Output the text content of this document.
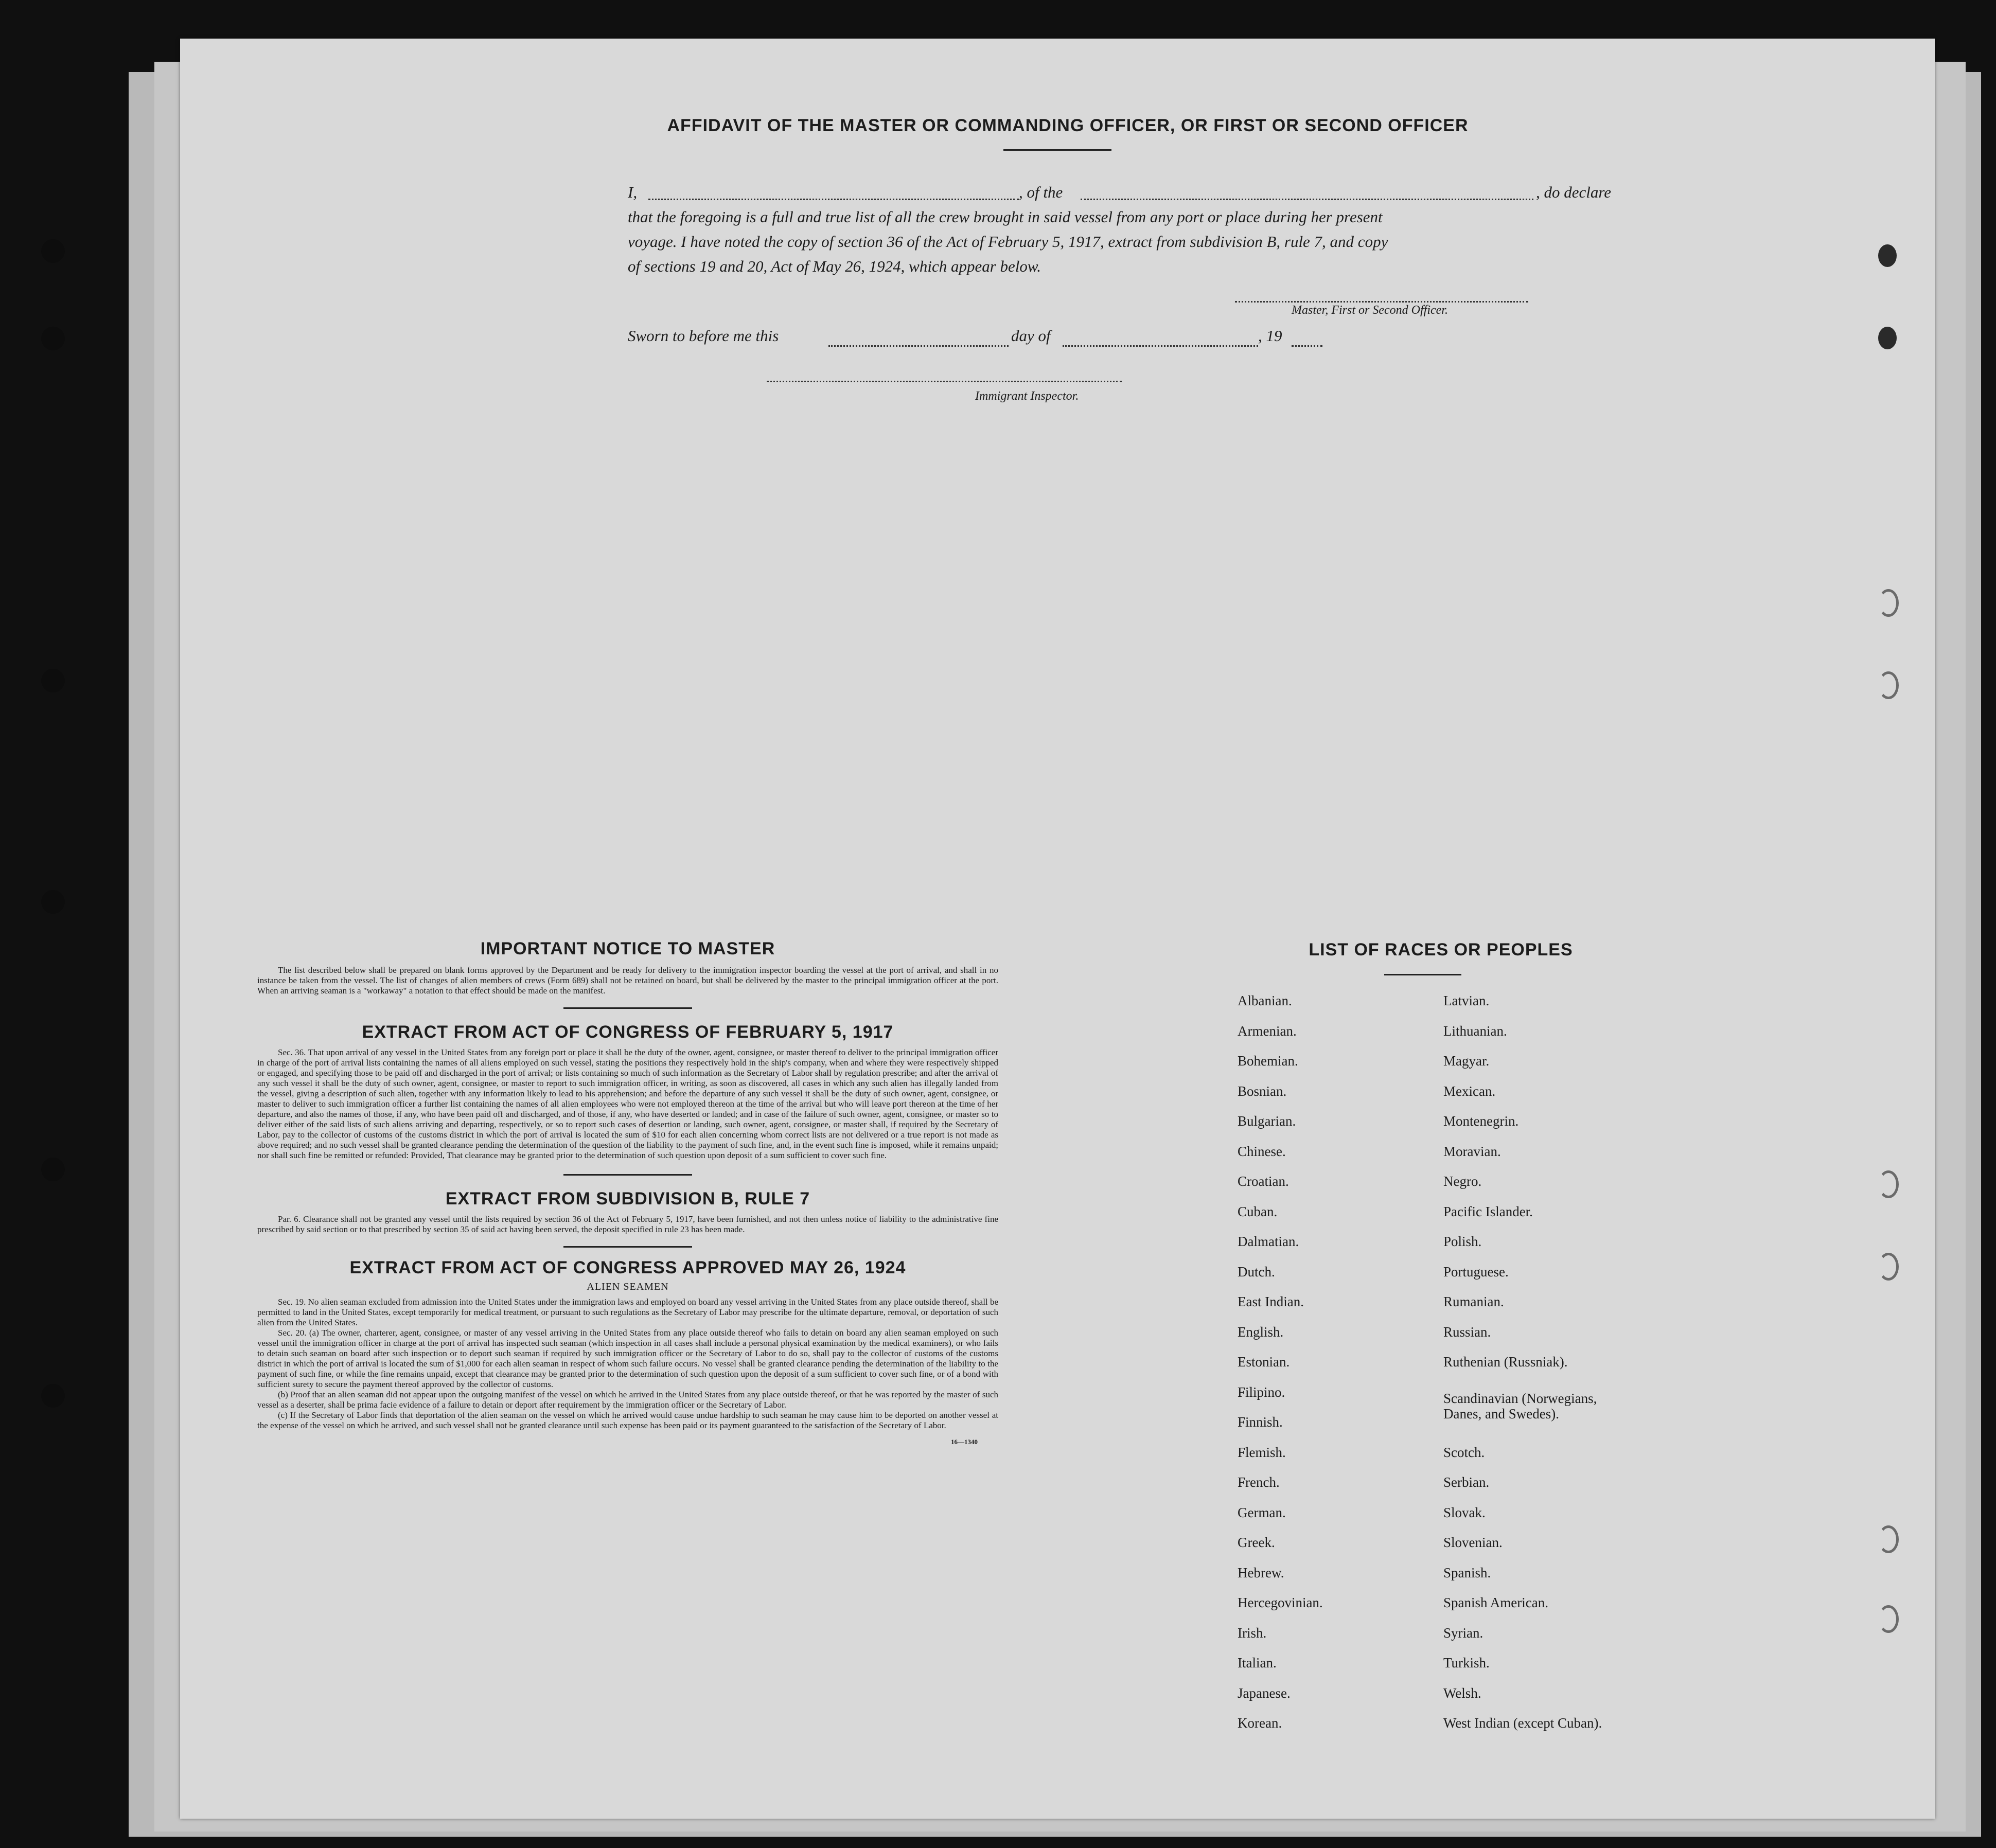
AFFIDAVIT OF THE MASTER OR COMMANDING OFFICER, OR FIRST OR SECOND OFFICER
I,	, of the	, do declare
that the foregoing is a full and true list of all the crew brought in said vessel from any port or place during her present
voyage. I have noted the copy of section 36 of the Act of February 5, 1917, extract from subdivision B, rule 7, and copy
of sections 19 and 20, Act of May 26, 1924, which appear below.
Master, First or Second Officer.
Sworn to before me this	day of	, 19
Immigrant Inspector.
IMPORTANT NOTICE TO MASTER
The list described below shall be prepared on blank forms approved by the Department and be ready for delivery to the immigration inspector boarding the vessel at the port of arrival, and shall in no instance be taken from the vessel. The list of changes of alien members of crews (Form 689) shall not be retained on board, but shall be delivered by the master to the principal immigration officer at the port. When an arriving seaman is a "workaway" a notation to that effect should be made on the manifest.
EXTRACT FROM ACT OF CONGRESS OF FEBRUARY 5, 1917
Sec. 36. That upon arrival of any vessel in the United States from any foreign port or place it shall be the duty of the owner, agent, consignee, or master thereof to deliver to the principal immigration officer in charge of the port of arrival lists containing the names of all aliens employed on such vessel, stating the positions they respectively hold in the ship's company, when and where they were respectively shipped or engaged, and specifying those to be paid off and discharged in the port of arrival; or lists containing so much of such information as the Secretary of Labor shall by regulation prescribe; and after the arrival of any such vessel it shall be the duty of such owner, agent, consignee, or master to report to such immigration officer, in writing, as soon as discovered, all cases in which any such alien has illegally landed from the vessel, giving a description of such alien, together with any information likely to lead to his apprehension; and before the departure of any such vessel it shall be the duty of such owner, agent, consignee, or master to deliver to such immigration officer a further list containing the names of all alien employees who were not employed thereon at the time of the arrival but who will leave port thereon at the time of her departure, and also the names of those, if any, who have been paid off and discharged, and of those, if any, who have deserted or landed; and in case of the failure of such owner, agent, consignee, or master so to deliver either of the said lists of such aliens arriving and departing, respectively, or so to report such cases of desertion or landing, such owner, agent, consignee, or master shall, if required by the Secretary of Labor, pay to the collector of customs of the customs district in which the port of arrival is located the sum of $10 for each alien concerning whom correct lists are not delivered or a true report is not made as above required; and no such vessel shall be granted clearance pending the determination of the question of the liability to the payment of such fine, and, in the event such fine is imposed, while it remains unpaid; nor shall such fine be remitted or refunded: Provided, That clearance may be granted prior to the determination of such question upon deposit of a sum sufficient to cover such fine.
EXTRACT FROM SUBDIVISION B, RULE 7
Par. 6. Clearance shall not be granted any vessel until the lists required by section 36 of the Act of February 5, 1917, have been furnished, and not then unless notice of liability to the administrative fine prescribed by said section or to that prescribed by section 35 of said act having been served, the deposit specified in rule 23 has been made.
EXTRACT FROM ACT OF CONGRESS APPROVED MAY 26, 1924
ALIEN SEAMEN
Sec. 19. No alien seaman excluded from admission into the United States under the immigration laws and employed on board any vessel arriving in the United States from any place outside thereof, shall be permitted to land in the United States, except temporarily for medical treatment, or pursuant to such regulations as the Secretary of Labor may prescribe for the ultimate departure, removal, or deportation of such alien from the United States.
Sec. 20. (a) The owner, charterer, agent, consignee, or master of any vessel arriving in the United States from any place outside thereof who fails to detain on board any alien seaman employed on such vessel until the immigration officer in charge at the port of arrival has inspected such seaman (which inspection in all cases shall include a personal physical examination by the medical examiners), or who fails to detain such seaman on board after such inspection or to deport such seaman if required by such immigration officer or the Secretary of Labor to do so, shall pay to the collector of customs of the customs district in which the port of arrival is located the sum of $1,000 for each alien seaman in respect of whom such failure occurs. No vessel shall be granted clearance pending the determination of the liability to the payment of such fine, or while the fine remains unpaid, except that clearance may be granted prior to the determination of such question upon the deposit of a sum sufficient to cover such fine, or of a bond with sufficient surety to secure the payment thereof approved by the collector of customs.
(b) Proof that an alien seaman did not appear upon the outgoing manifest of the vessel on which he arrived in the United States from any place outside thereof, or that he was reported by the master of such vessel as a deserter, shall be prima facie evidence of a failure to detain or deport after requirement by the immigration officer or the Secretary of Labor.
(c) If the Secretary of Labor finds that deportation of the alien seaman on the vessel on which he arrived would cause undue hardship to such seaman he may cause him to be deported on another vessel at the expense of the vessel on which he arrived, and such vessel shall not be granted clearance until such expense has been paid or its payment guaranteed to the satisfaction of the Secretary of Labor.
16—1340
LIST OF RACES OR PEOPLES
Albanian.
Armenian.
Bohemian.
Bosnian.
Bulgarian.
Chinese.
Croatian.
Cuban.
Dalmatian.
Dutch.
East Indian.
English.
Estonian.
Filipino.
Finnish.
Flemish.
French.
German.
Greek.
Hebrew.
Hercegovinian.
Irish.
Italian.
Japanese.
Korean.
Latvian.
Lithuanian.
Magyar.
Mexican.
Montenegrin.
Moravian.
Negro.
Pacific Islander.
Polish.
Portuguese.
Rumanian.
Russian.
Ruthenian (Russniak).
Scandinavian (Norwegians, Danes, and Swedes).
Scotch.
Serbian.
Slovak.
Slovenian.
Spanish.
Spanish American.
Syrian.
Turkish.
Welsh.
West Indian (except Cuban).
